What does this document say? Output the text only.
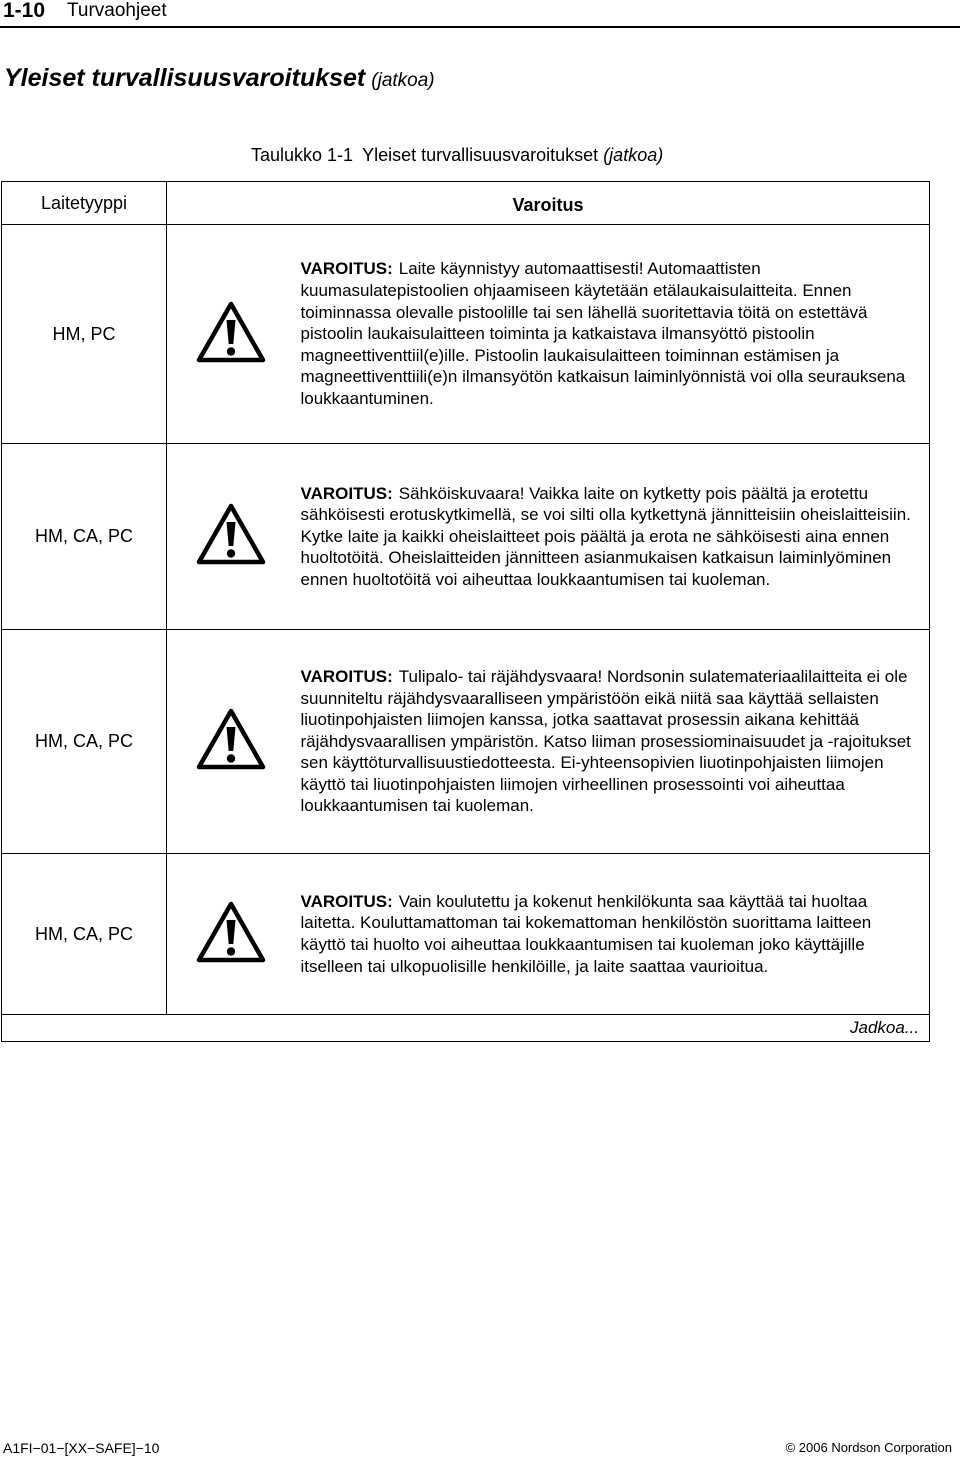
1-10 Turvaohjeet
Yleiset turvallisuusvaroitukset (jatkoa)
Taulukko 1-1 Yleiset turvallisuusvaroitukset (jatkoa)
Laitetyyppi	Varoitus	
HM, PC		VAROITUS: Laite käynnistyy automaattisesti! Automaattisten kuumasulatepistoolien ohjaamiseen käytetään etälaukaisulaitteita. Ennen toiminnassa olevalle pistoolille tai sen lähellä suoritettavia töitä on estettävä pistoolin laukaisulaitteen toiminta ja katkaistava ilmansyöttö pistoolin magneettiventtiil(e)ille. Pistoolin laukaisulaitteen toiminnan estämisen ja magneettiventtiili(e)n ilmansyötön katkaisun laiminlyönnistä voi olla seurauksena loukkaantuminen.
HM, CA, PC		VAROITUS: Sähköiskuvaara! Vaikka laite on kytketty pois päältä ja erotettu sähköisesti erotuskytkimellä, se voi silti olla kytkettynä jännitteisiin oheislaitteisiin. Kytke laite ja kaikki oheislaitteet pois päältä ja erota ne sähköisesti aina ennen huoltotöitä. Oheislaitteiden jännitteen asianmukaisen katkaisun laiminlyöminen ennen huoltotöitä voi aiheuttaa loukkaantumisen tai kuoleman.
HM, CA, PC		VAROITUS: Tulipalo- tai räjähdysvaara! Nordsonin sulatemateriaalilaitteita ei ole suunniteltu räjähdysvaaralliseen ympäristöön eikä niitä saa käyttää sellaisten liuotinpohjaisten liimojen kanssa, jotka saattavat prosessin aikana kehittää räjähdysvaarallisen ympäristön. Katso liiman prosessiominaisuudet ja -rajoitukset sen käyttöturvallisuustiedotteesta. Ei-yhteensopivien liuotinpohjaisten liimojen käyttö tai liuotinpohjaisten liimojen virheellinen prosessointi voi aiheuttaa loukkaantumisen tai kuoleman.
HM, CA, PC		VAROITUS: Vain koulutettu ja kokenut henkilökunta saa käyttää tai huoltaa laitetta. Kouluttamattoman tai kokemattoman henkilöstön suorittama laitteen käyttö tai huolto voi aiheuttaa loukkaantumisen tai kuoleman joko käyttäjille itselleen tai ulkopuolisille henkilöille, ja laite saattaa vaurioitua.
Jadkoa...		
A1FI−01−[XX−SAFE]−10	© 2006 Nordson Corporation
